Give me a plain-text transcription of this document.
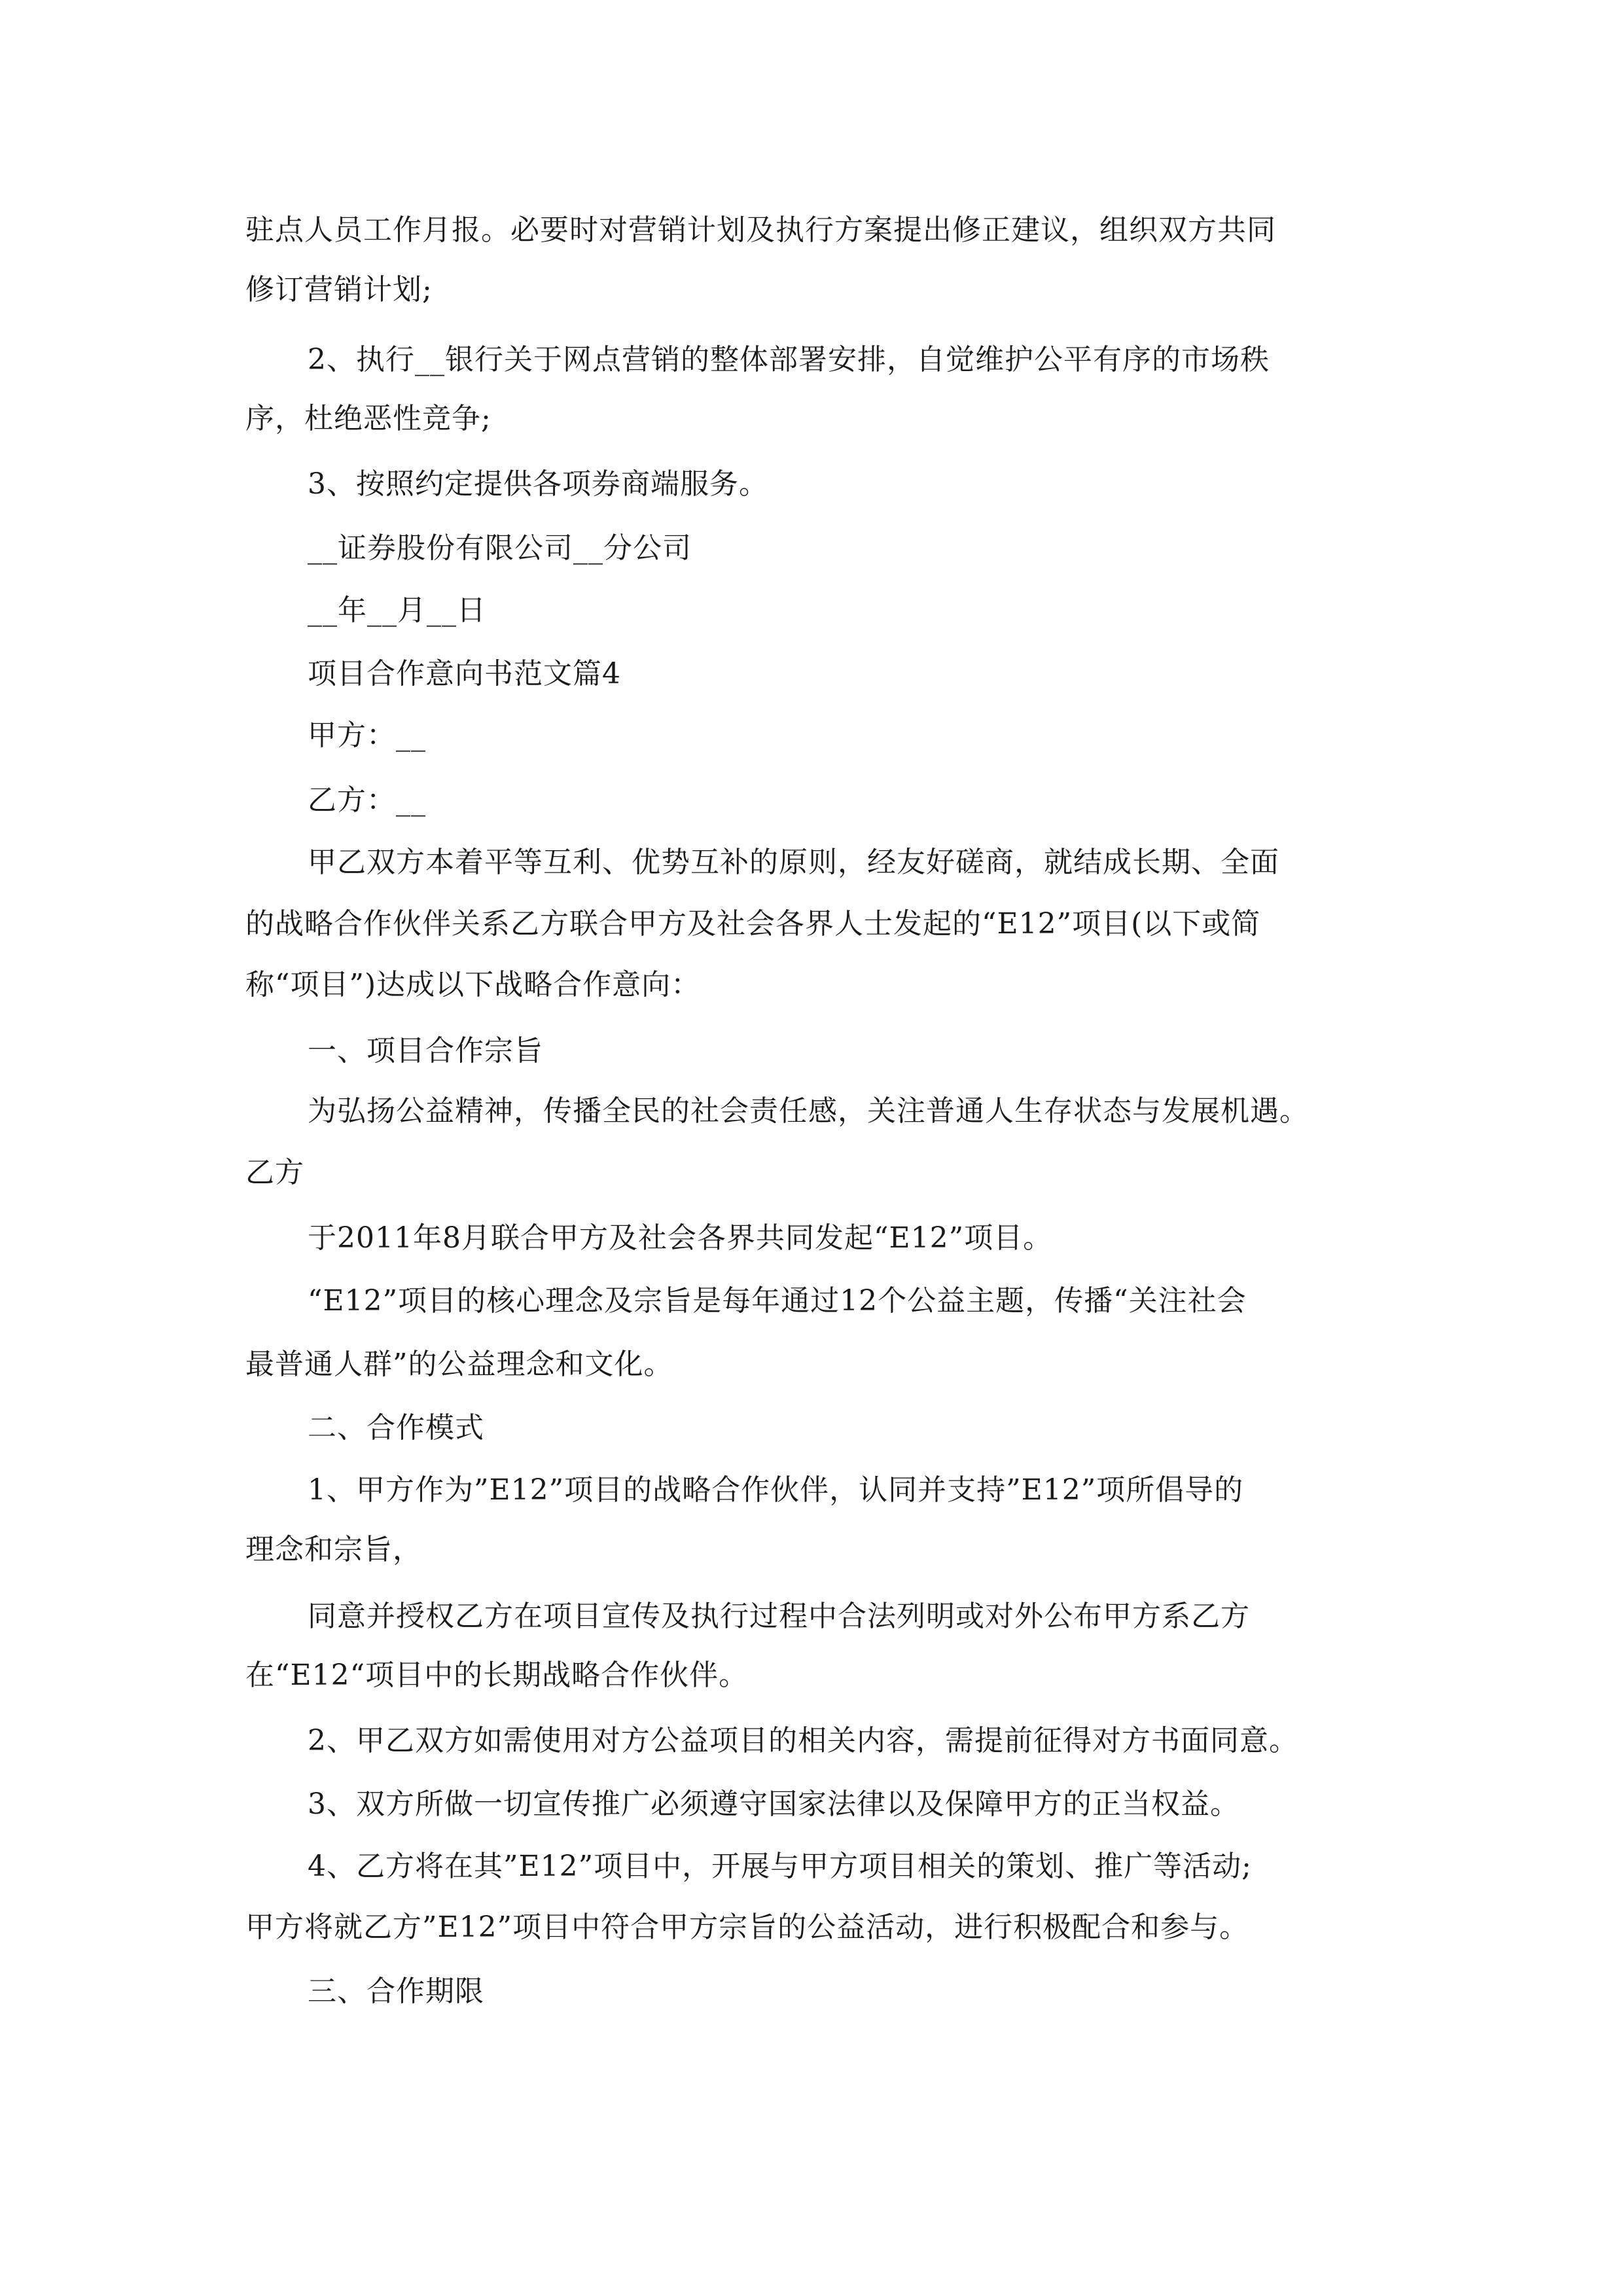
驻点人员工作月报。必要时对营销计划及执行方案提出修正建议，组织双方共同
修订营销计划;
2、执行__银行关于网点营销的整体部署安排，自觉维护公平有序的市场秩
序，杜绝恶性竞争;
3、按照约定提供各项券商端服务。
__证券股份有限公司__分公司
__年__月__日
项目合作意向书范文篇4
甲方：__
乙方：__
甲乙双方本着平等互利、优势互补的原则，经友好磋商，就结成长期、全面
的战略合作伙伴关系乙方联合甲方及社会各界人士发起的“E12”项目(以下或简
称“项目”)达成以下战略合作意向：
一、项目合作宗旨
为弘扬公益精神，传播全民的社会责任感，关注普通人生存状态与发展机遇。
乙方
于2011年8月联合甲方及社会各界共同发起“E12”项目。
“E12”项目的核心理念及宗旨是每年通过12个公益主题，传播“关注社会
最普通人群”的公益理念和文化。
二、合作模式
1、甲方作为”E12”项目的战略合作伙伴，认同并支持”E12”项所倡导的
理念和宗旨，
同意并授权乙方在项目宣传及执行过程中合法列明或对外公布甲方系乙方
在“E12“项目中的长期战略合作伙伴。
2、甲乙双方如需使用对方公益项目的相关内容，需提前征得对方书面同意。
3、双方所做一切宣传推广必须遵守国家法律以及保障甲方的正当权益。
4、乙方将在其”E12”项目中，开展与甲方项目相关的策划、推广等活动;
甲方将就乙方”E12”项目中符合甲方宗旨的公益活动，进行积极配合和参与。
三、合作期限
